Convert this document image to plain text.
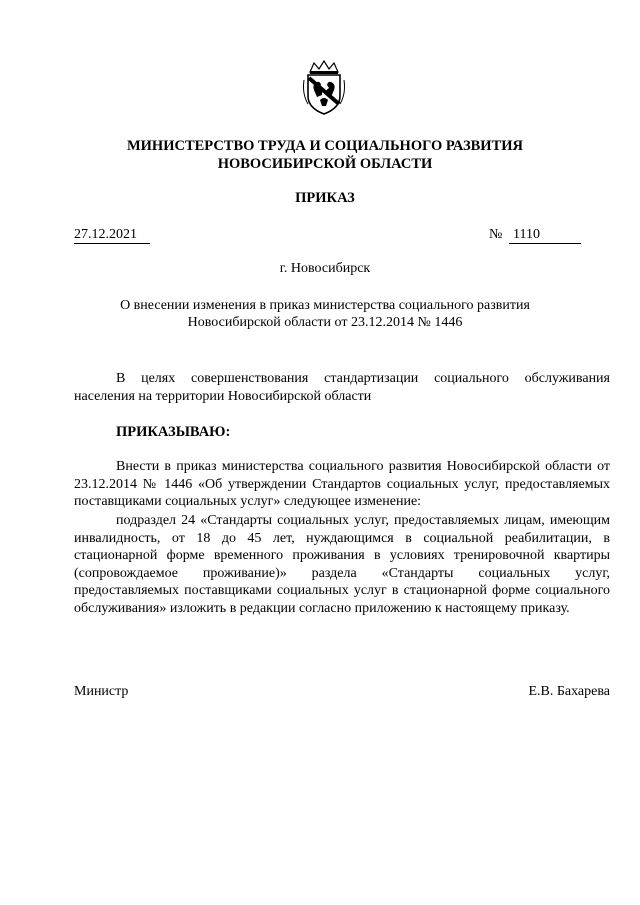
МИНИСТЕРСТВО ТРУДА И СОЦИАЛЬНОГО РАЗВИТИЯ
НОВОСИБИРСКОЙ ОБЛАСТИ
ПРИКАЗ
27.12.2021	№ 1110
г. Новосибирск
О внесении изменения в приказ министерства социального развития
Новосибирской области от 23.12.2014 № 1446

В целях совершенствования стандартизации социального обслуживания населения на территории Новосибирской области

ПРИКАЗЫВАЮ:

Внести в приказ министерства социального развития Новосибирской области от 23.12.2014 № 1446 «Об утверждении Стандартов социальных услуг, предоставляемых поставщиками социальных услуг» следующее изменение:

подраздел 24 «Стандарты социальных услуг, предоставляемых лицам, имеющим инвалидность, от 18 до 45 лет, нуждающимся в социальной реабилитации, в стационарной форме временного проживания в условиях тренировочной квартиры (сопровождаемое проживание)» раздела «Стандарты социальных услуг, предоставляемых поставщиками социальных услуг в стационарной форме социального обслуживания» изложить в редакции согласно приложению к настоящему приказу.

Министр	Е.В. Бахарева
